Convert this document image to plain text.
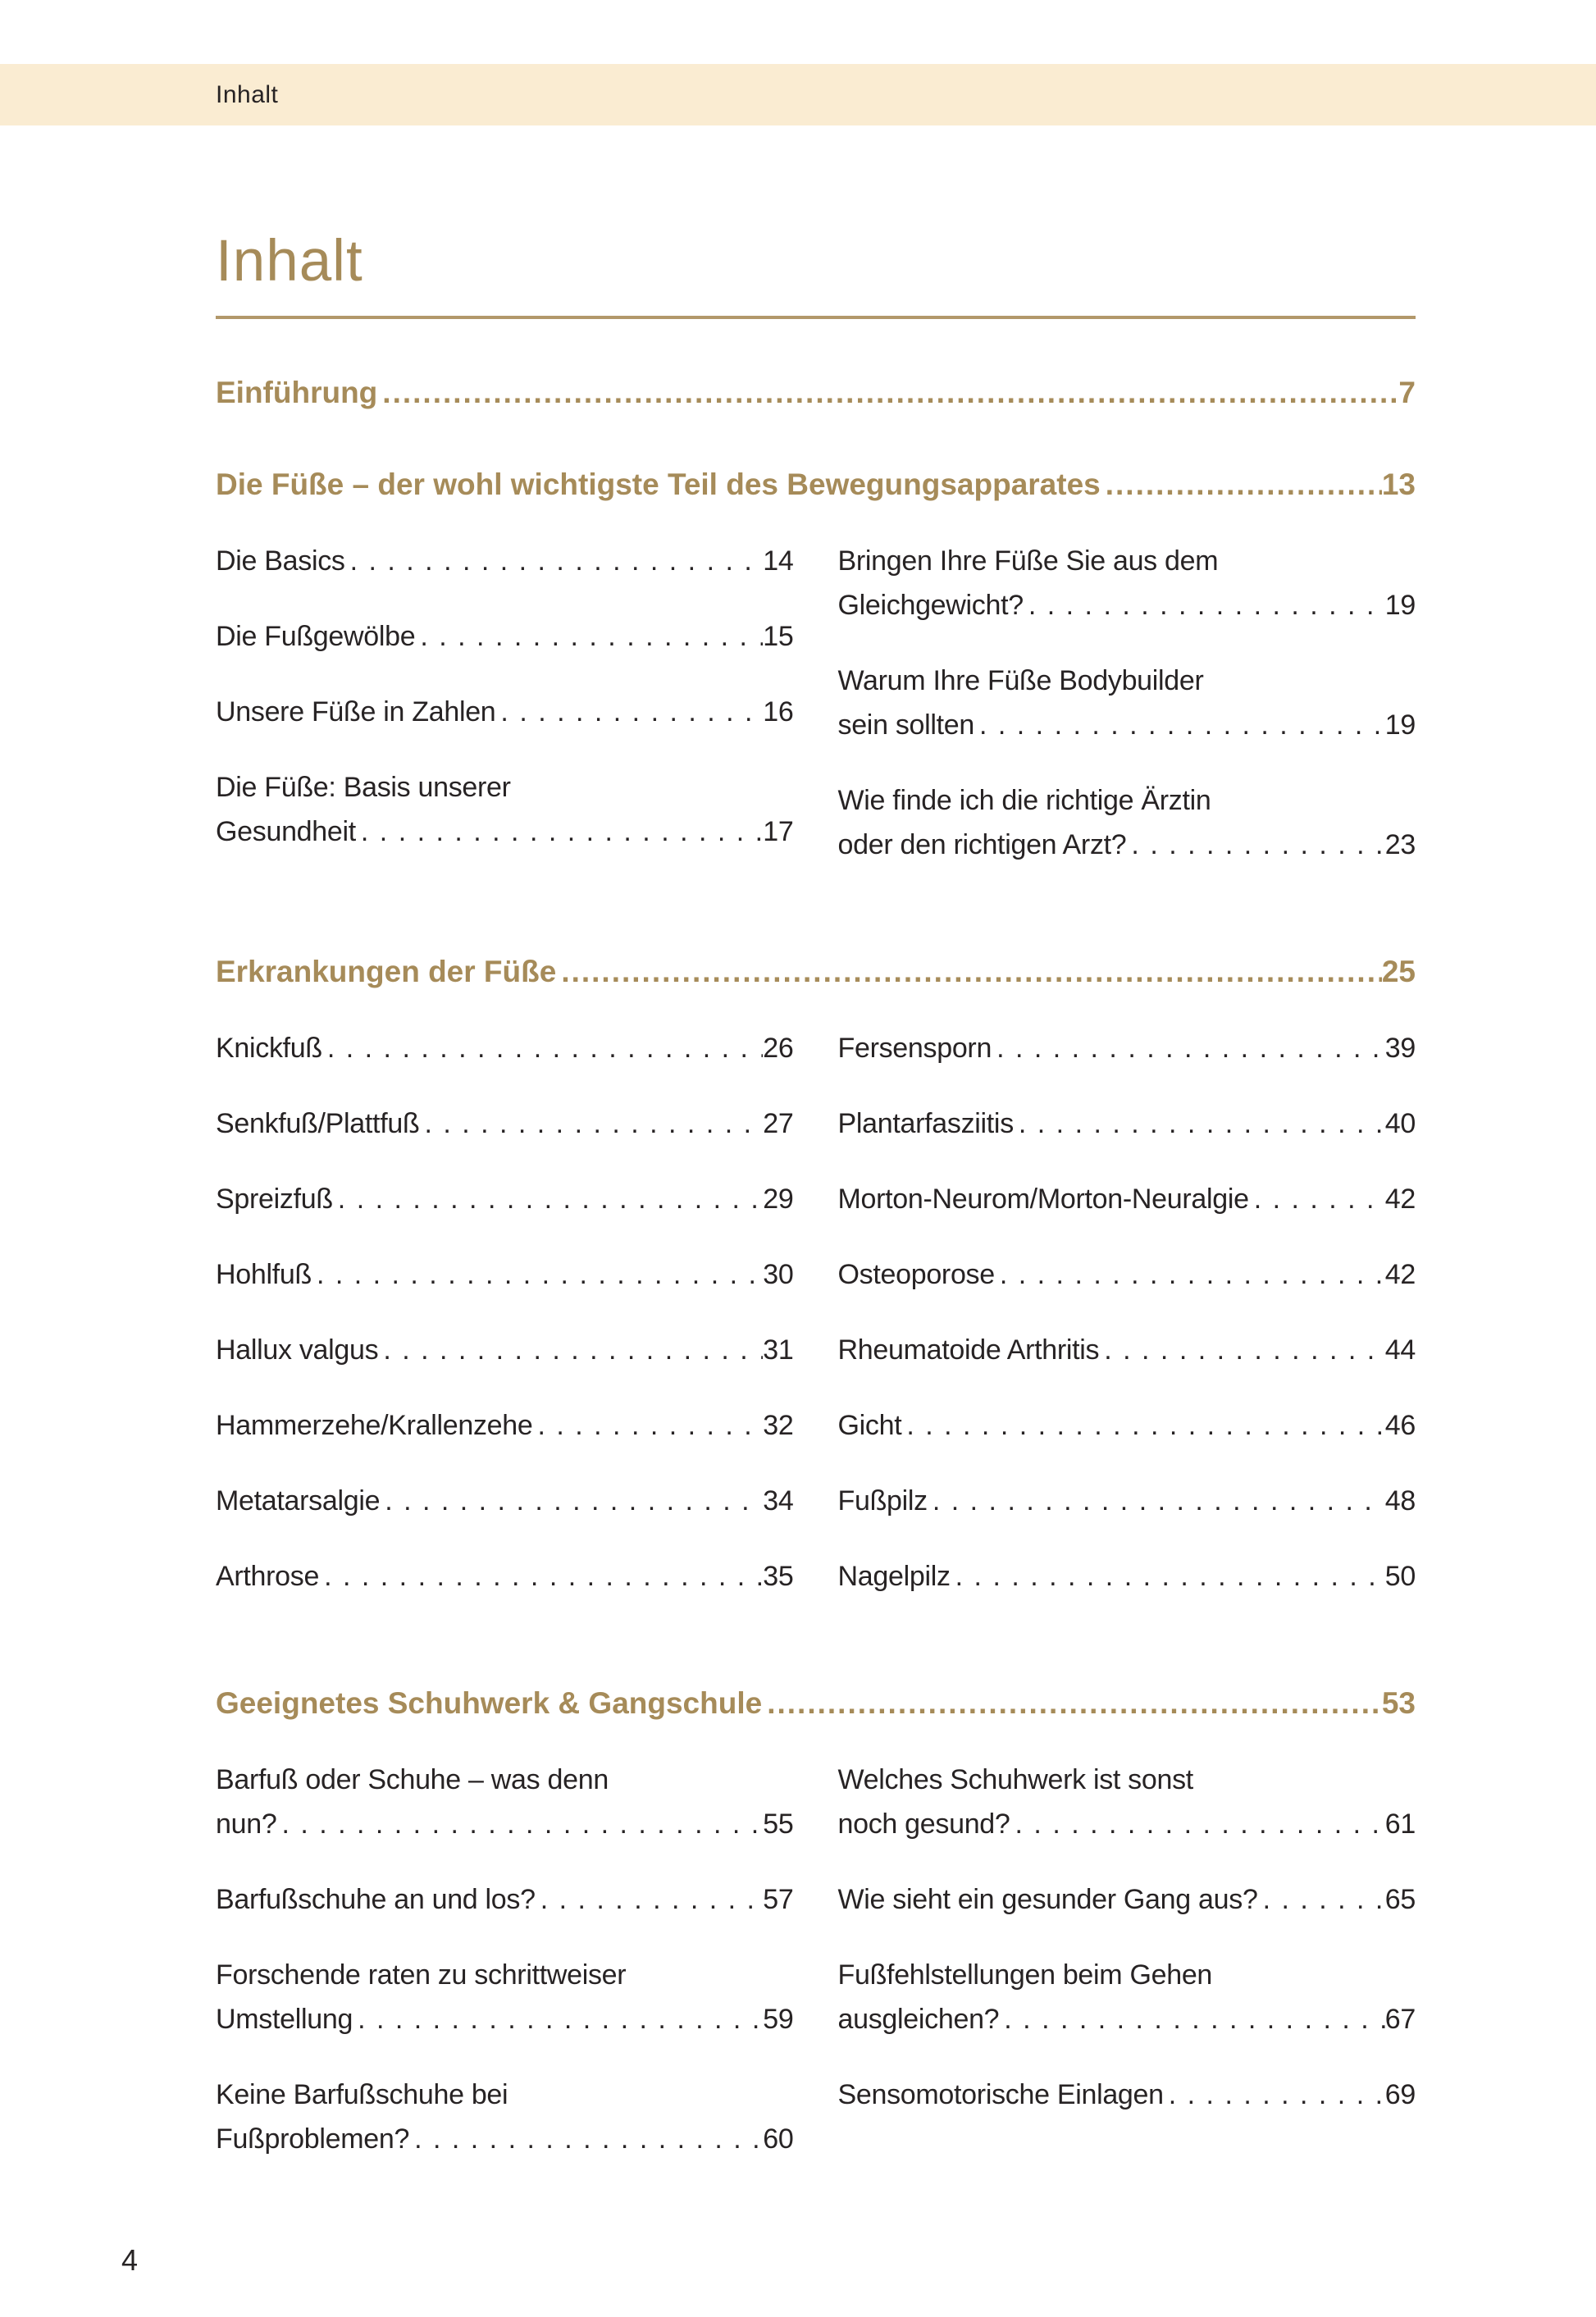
Inhalt
Inhalt
Einführung .....	7
Die Füße – der wohl wichtigste Teil des Bewegungsapparates .....	13
Die Basics . . .	14
Die Fußgewölbe . . .	15
Unsere Füße in Zahlen . . .	16
Die Füße: Basis unserer
Gesundheit . . .	17
Bringen Ihre Füße Sie aus dem
Gleichgewicht? . . .	19
Warum Ihre Füße Bodybuilder
sein sollten . . .	19
Wie finde ich die richtige Ärztin
oder den richtigen Arzt? . . .	23
Erkrankungen der Füße .....	25
Knickfuß . . .	26
Senkfuß/Plattfuß . . .	27
Spreizfuß . . .	29
Hohlfuß . . .	30
Hallux valgus . . .	31
Hammerzehe/Krallenzehe . . .	32
Metatarsalgie . . .	34
Arthrose . . .	35
Fersensporn . . .	39
Plantarfasziitis . . .	40
Morton-Neurom/Morton-Neuralgie . . .	42
Osteoporose . . .	42
Rheumatoide Arthritis . . .	44
Gicht . . .	46
Fußpilz . . .	48
Nagelpilz . . .	50
Geeignetes Schuhwerk & Gangschule .....	53
Barfuß oder Schuhe – was denn
nun? . . .	55
Barfußschuhe an und los? . . .	57
Forschende raten zu schrittweiser
Umstellung . . .	59
Keine Barfußschuhe bei
Fußproblemen? . . .	60
Welches Schuhwerk ist sonst
noch gesund? . . .	61
Wie sieht ein gesunder Gang aus? . . .	65
Fußfehlstellungen beim Gehen
ausgleichen? . . .	67
Sensomotorische Einlagen . . .	69
4
